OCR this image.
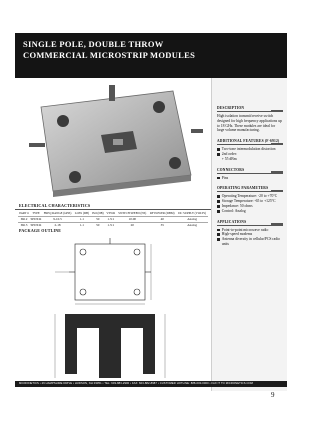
SINGLE POLE, DOUBLE THROW
COMMERCIAL MICROSTRIP MODULES
DESCRIPTION
High isolation transmit/receive switch designed for high frequency applications up to 18 GHz. These modules are ideal for large volume manufacturing.
ADDITIONAL FEATURES (F-6912)
Two-tone intermodulation distortion
2nd order:
+ 55 dBm
CONNECTORS
Pins
OPERATING PARAMETERS
Operating Temperature: -20 to +70°C
Storage Temperature: -65 to +125°C
Impedance: 50 ohms
Control: Analog
APPLICATIONS
Point-to-point microwave radio
High-speed modems
Antenna diversity in cellular/PCS radio units
ELECTRICAL CHARACTERISTICS
PART #	TYPE	FREQ RANGE (GHZ)	LOSS (DB)	ISO (DB)	VSWR	SWITCH SPEED (NS)	RF POWER (DBM)	DC SUPPLY (VOLTS)
6912	SPDT-R	9-10.5	1.1	50	1.3:1	10.00	40	Analog
6913	SPDT-R	2-18	1.1	50	1.3:1	20	35	Analog
PACKAGE OUTLINE
MICRONETICS • 26 HAMPSHIRE DRIVE • HUDSON, NH 03051 • TEL: 603-883-2900 • FAX: 603-882-8987 • CUSTOMER HOTLINE: 888-000-0000 • FAX IT TO MICRONETICS.COM
9
